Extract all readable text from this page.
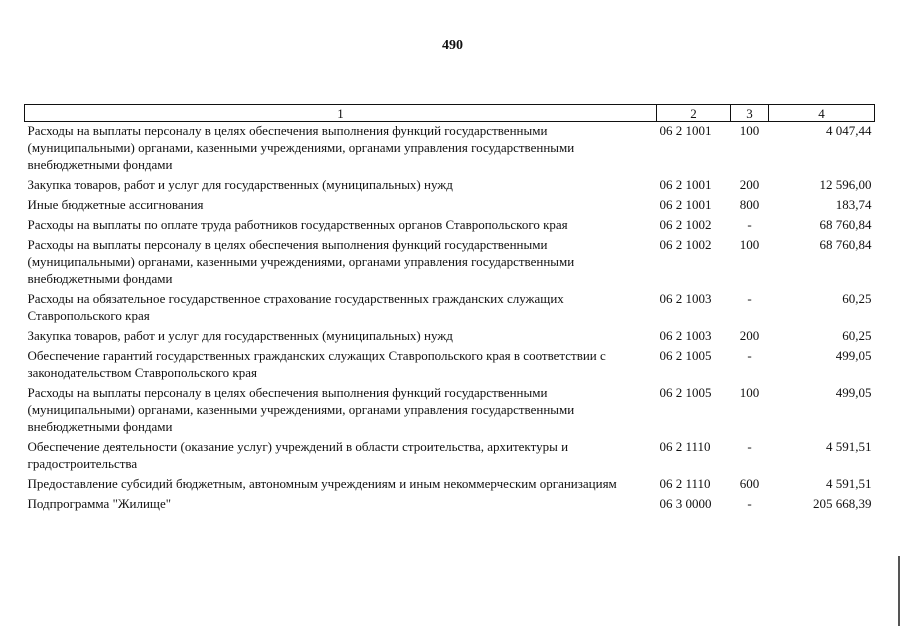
490
1	2	3	4
Расходы на выплаты персоналу в целях обеспечения выполнения функций государственными (муниципальными) органами, казенными учреждениями, органами управления государственными внебюджетными фондами	06 2 1001	100	4 047,44
Закупка товаров, работ и услуг для государственных (муниципальных) нужд	06 2 1001	200	12 596,00
Иные бюджетные ассигнования	06 2 1001	800	183,74
Расходы на выплаты по оплате труда работников государственных органов Ставропольского края	06 2 1002	-	68 760,84
Расходы на выплаты персоналу в целях обеспечения выполнения функций государственными (муниципальными) органами, казенными учреждениями, органами управления государственными внебюджетными фондами	06 2 1002	100	68 760,84
Расходы на обязательное государственное страхование государственных гражданских служащих Ставропольского края	06 2 1003	-	60,25
Закупка товаров, работ и услуг для государственных (муниципальных) нужд	06 2 1003	200	60,25
Обеспечение гарантий государственных гражданских служащих Ставропольского края в соответствии с законодательством Ставропольского края	06 2 1005	-	499,05
Расходы на выплаты персоналу в целях обеспечения выполнения функций государственными (муниципальными) органами, казенными учреждениями, органами управления государственными внебюджетными фондами	06 2 1005	100	499,05
Обеспечение деятельности (оказание услуг) учреждений в области строительства, архитектуры и градостроительства	06 2 1110	-	4 591,51
Предоставление субсидий бюджетным, автономным учреждениям и иным некоммерческим организациям	06 2 1110	600	4 591,51
Подпрограмма "Жилище"	06 3 0000	-	205 668,39
